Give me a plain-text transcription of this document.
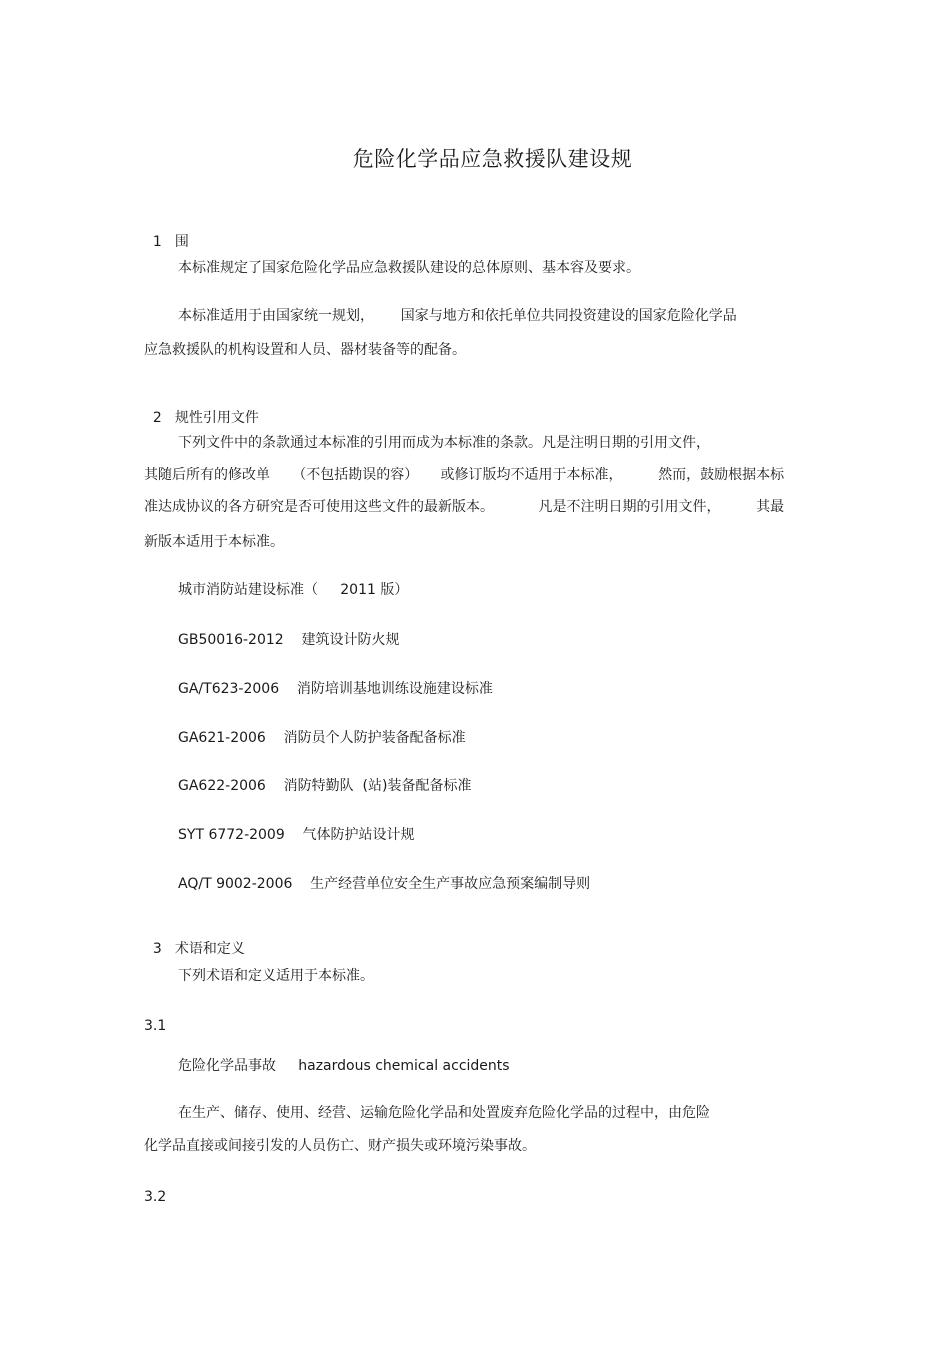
危险化学品应急救援队建设规

1 围

本标准规定了国家危险化学品应急救援队建设的总体原则、基本容及要求。
本标准适用于由国家统一规划，      国家与地方和依托单位共同投资建设的国家危险化学品
应急救援队的机构设置和人员、器材装备等的配备。

2 规性引用文件

下列文件中的条款通过本标准的引用而成为本标准的条款。凡是注明日期的引用文件，
其随后所有的修改单     （不包括勘误的容）     或修订版均不适用于本标准，        然而，鼓励根据本标
准达成协议的各方研究是否可使用这些文件的最新版本。          凡是不注明日期的引用文件，        其最
新版本适用于本标准。
城市消防站建设标准（     2011 版）
GB50016-2012    建筑设计防火规
GA/T623-2006    消防培训基地训练设施建设标准
GA621-2006    消防员个人防护装备配备标准
GA622-2006    消防特勤队  (站)装备配备标准
SYT 6772-2009    气体防护站设计规
AQ/T 9002-2006    生产经营单位安全生产事故应急预案编制导则

3 术语和定义

下列术语和定义适用于本标准。
3.1
危险化学品事故     hazardous chemical accidents
在生产、储存、使用、经营、运输危险化学品和处置废弃危险化学品的过程中，由危险
化学品直接或间接引发的人员伤亡、财产损失或环境污染事故。
3.2
